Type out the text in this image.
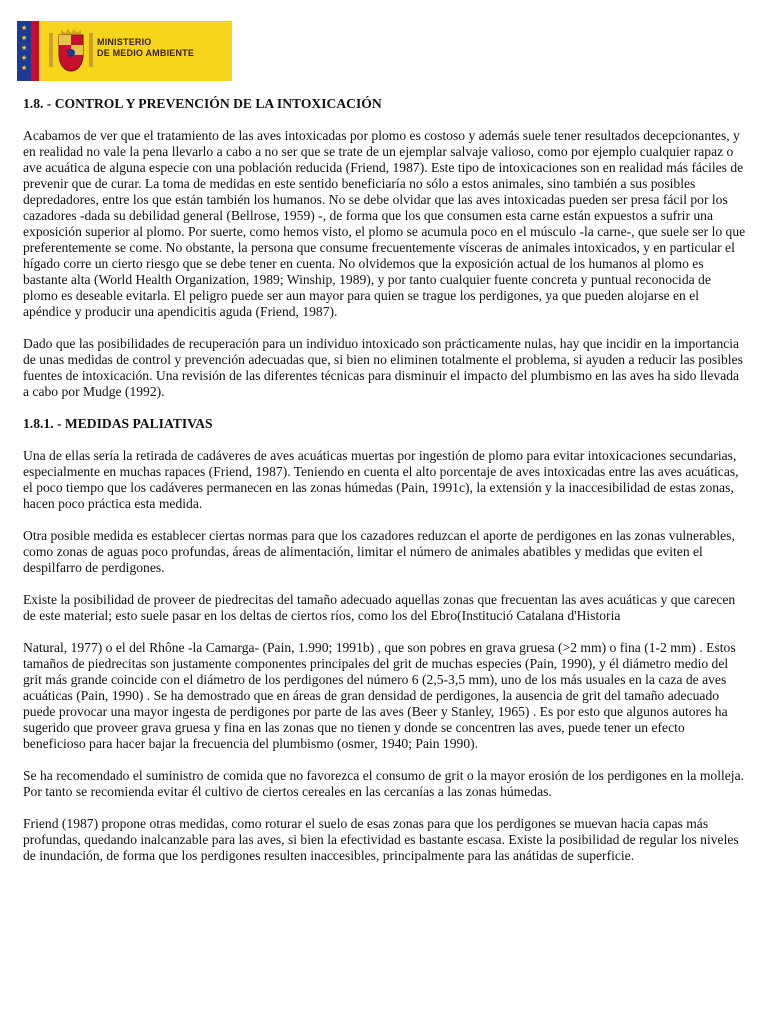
★
★
★
★
★
MINISTERIO
DE MEDIO AMBIENTE
1.8. - CONTROL Y PREVENCIÓN DE LA INTOXICACIÓN

Acabamos de ver que el tratamiento de las aves intoxicadas por plomo es costoso y además suele tener resultados decepcionantes, y en realidad no vale la pena llevarlo a cabo a no ser que se trate de un ejemplar salvaje valioso, como por ejemplo cualquier rapaz o ave acuática de alguna especie con una población reducida (Friend, 1987). Este tipo de intoxicaciones son en realidad más fáciles de prevenir que de curar. La toma de medidas en este sentido beneficiaría no sólo a estos animales, sino también a sus posibles depredadores, entre los que están también los humanos. No se debe olvidar que las aves intoxicadas pueden ser presa fácil por los cazadores -dada su debilidad general (Bellrose, 1959) -, de forma que los que consumen esta carne están expuestos a sufrir una exposición superior al plomo. Por suerte, como hemos visto, el plomo se acumula poco en el músculo -la carne-, que suele ser lo que preferentemente se come. No obstante, la persona que consume frecuentemente vísceras de animales intoxicados, y en particular el hígado corre un cierto riesgo que se debe tener en cuenta. No olvidemos que la exposición actual de los humanos al plomo es bastante alta (World Health Organization, 1989; Winship, 1989), y por tanto cualquier fuente concreta y puntual reconocida de plomo es deseable evitarla. El peligro puede ser aun mayor para quien se trague los perdigones, ya que pueden alojarse en el apéndice y producir una apendicitis aguda (Friend, 1987).

Dado que las posibilidades de recuperación para un individuo intoxicado son prácticamente nulas, hay que incidir en la importancia de unas medidas de control y prevención adecuadas que, si bien no eliminen totalmente el problema, si ayuden a reducir las posibles fuentes de intoxicación. Una revisión de las diferentes técnicas para disminuir el impacto del plumbismo en las aves ha sido llevada a cabo por Mudge (1992).

1.8.1. - MEDIDAS PALIATIVAS

Una de ellas sería la retirada de cadáveres de aves acuáticas muertas por ingestión de plomo para evitar intoxicaciones secundarias, especialmente en muchas rapaces (Friend, 1987). Teniendo en cuenta el alto porcentaje de aves intoxicadas entre las aves acuáticas, el poco tiempo que los cadáveres permanecen en las zonas húmedas (Pain, 1991c), la extensión y la inaccesibilidad de estas zonas, hacen poco práctica esta medida.

Otra posible medida es establecer ciertas normas para que los cazadores reduzcan el aporte de perdigones en las zonas vulnerables, como zonas de aguas poco profundas, áreas de alimentación, limitar el número de animales abatibles y medidas que eviten el despilfarro de perdigones.

Existe la posibilidad de proveer de piedrecitas del tamaño adecuado aquellas zonas que frecuentan las aves acuáticas y que carecen de este material; esto suele pasar en los deltas de ciertos ríos, como los del Ebro(Institució Catalana d'Historia

Natural, 1977) o el del Rhône -la Camarga- (Pain, 1.990; 1991b) , que son pobres en grava gruesa (>2 mm) o fina (1-2 mm) . Estos tamaños de piedrecitas son justamente componentes principales del grit de muchas especies (Pain, 1990), y él diámetro medio del grit más grande coincide con el diámetro de los perdigones del número 6 (2,5-3,5 mm), uno de los más usuales en la caza de aves acuáticas (Pain, 1990) . Se ha demostrado que en áreas de gran densidad de perdigones, la ausencia de grit del tamaño adecuado puede provocar una mayor ingesta de perdigones por parte de las aves (Beer y Stanley, 1965) . Es por esto que algunos autores ha sugerido que proveer grava gruesa y fina en las zonas que no tienen y donde se concentren las aves, puede tener un efecto beneficioso para hacer bajar la frecuencia del plumbismo (osmer, 1940; Pain 1990).

Se ha recomendado el suministro de comida que no favorezca el consumo de grit o la mayor erosión de los perdigones en la molleja. Por tanto se recomienda evitar él cultivo de ciertos cereales en las cercanías a las zonas húmedas.

Friend (1987) propone otras medidas, como roturar el suelo de esas zonas para que los perdigones se muevan hacia capas más profundas, quedando inalcanzable para las aves, si bien la efectividad es bastante escasa. Existe la posibilidad de regular los niveles de inundación, de forma que los perdigones resulten inaccesibles, principalmente para las anátidas de superficie.
